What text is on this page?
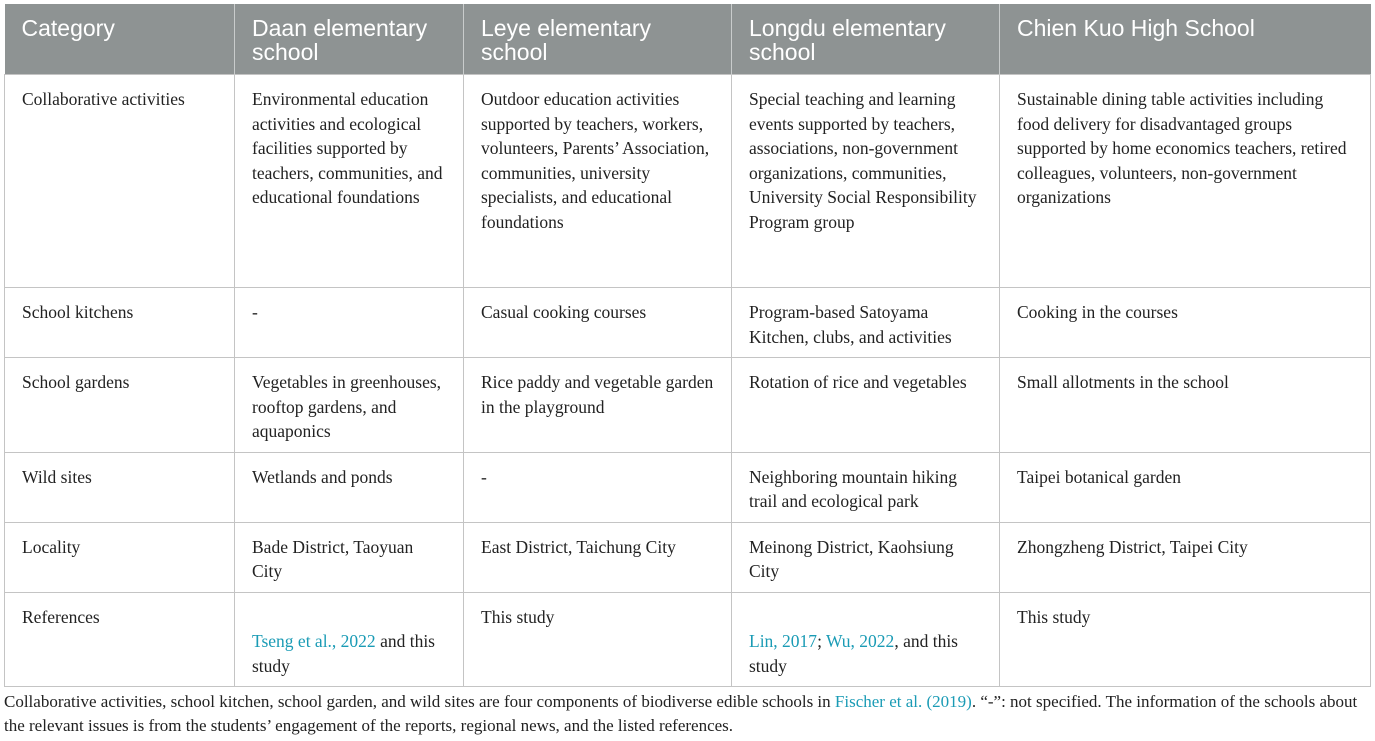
Category	Daan elementary school	Leye elementary school	Longdu elementary school	Chien Kuo High School
Collaborative activities	Environmental education activities and ecological facilities supported by teachers, communities, and educational foundations	Outdoor education activities supported by teachers, workers, volunteers, Parents’ Association, communities, university specialists, and educational foundations	Special teaching and learning events supported by teachers, associations, non-government organizations, communities, University Social Responsibility Program group	Sustainable dining table activities including food delivery for disadvantaged groups supported by home economics teachers, retired colleagues, volunteers, non-government organizations
School kitchens	-	Casual cooking courses	Program-based Satoyama Kitchen, clubs, and activities	Cooking in the courses
School gardens	Vegetables in greenhouses, rooftop gardens, and aquaponics	Rice paddy and vegetable garden in the playground	Rotation of rice and vegetables	Small allotments in the school
Wild sites	Wetlands and ponds	-	Neighboring mountain hiking trail and ecological park	Taipei botanical garden
Locality	Bade District, Taoyuan City	East District, Taichung City	Meinong District, Kaohsiung City	Zhongzheng District, Taipei City
References	Tseng et al., 2022 and this study	This study	Lin, 2017; Wu, 2022, and this study	This study
Collaborative activities, school kitchen, school garden, and wild sites are four components of biodiverse edible schools in Fischer et al. (2019). “-”: not specified. The information of the schools about the relevant issues is from the students’ engagement of the reports, regional news, and the listed references.
